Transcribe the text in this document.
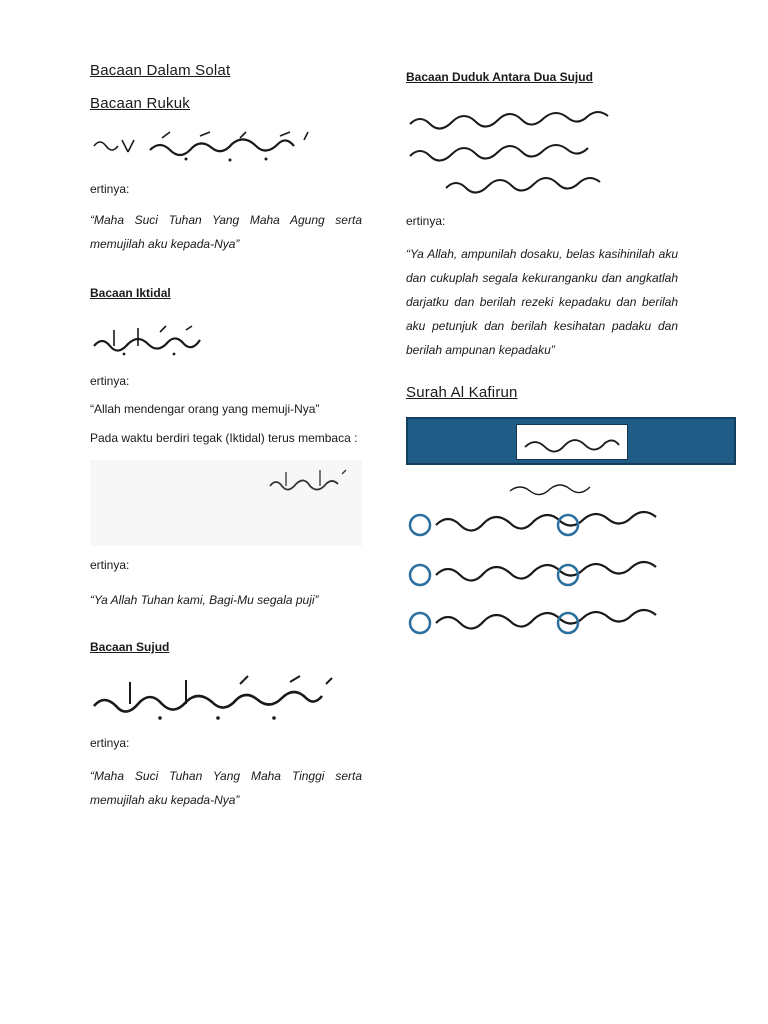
Bacaan Dalam Solat
Bacaan Rukuk

ertinya:

“Maha Suci Tuhan Yang Maha Agung serta memujilah aku kepada-Nya”

Bacaan Iktidal

ertinya:

“Allah mendengar orang yang memuji-Nya”

Pada waktu berdiri tegak (Iktidal) terus membaca :

ertinya:

“Ya Allah Tuhan kami, Bagi-Mu segala puji”

Bacaan Sujud

ertinya:

“Maha Suci Tuhan Yang Maha Tinggi serta memujilah aku kepada-Nya”

Bacaan Duduk Antara Dua Sujud

ertinya:

“Ya Allah, ampunilah dosaku, belas kasihinilah aku dan cukuplah segala kekuranganku dan angkatlah darjatku dan berilah rezeki kepadaku dan berilah aku petunjuk dan berilah kesihatan padaku dan berilah ampunan kepadaku”

Surah Al Kafirun
